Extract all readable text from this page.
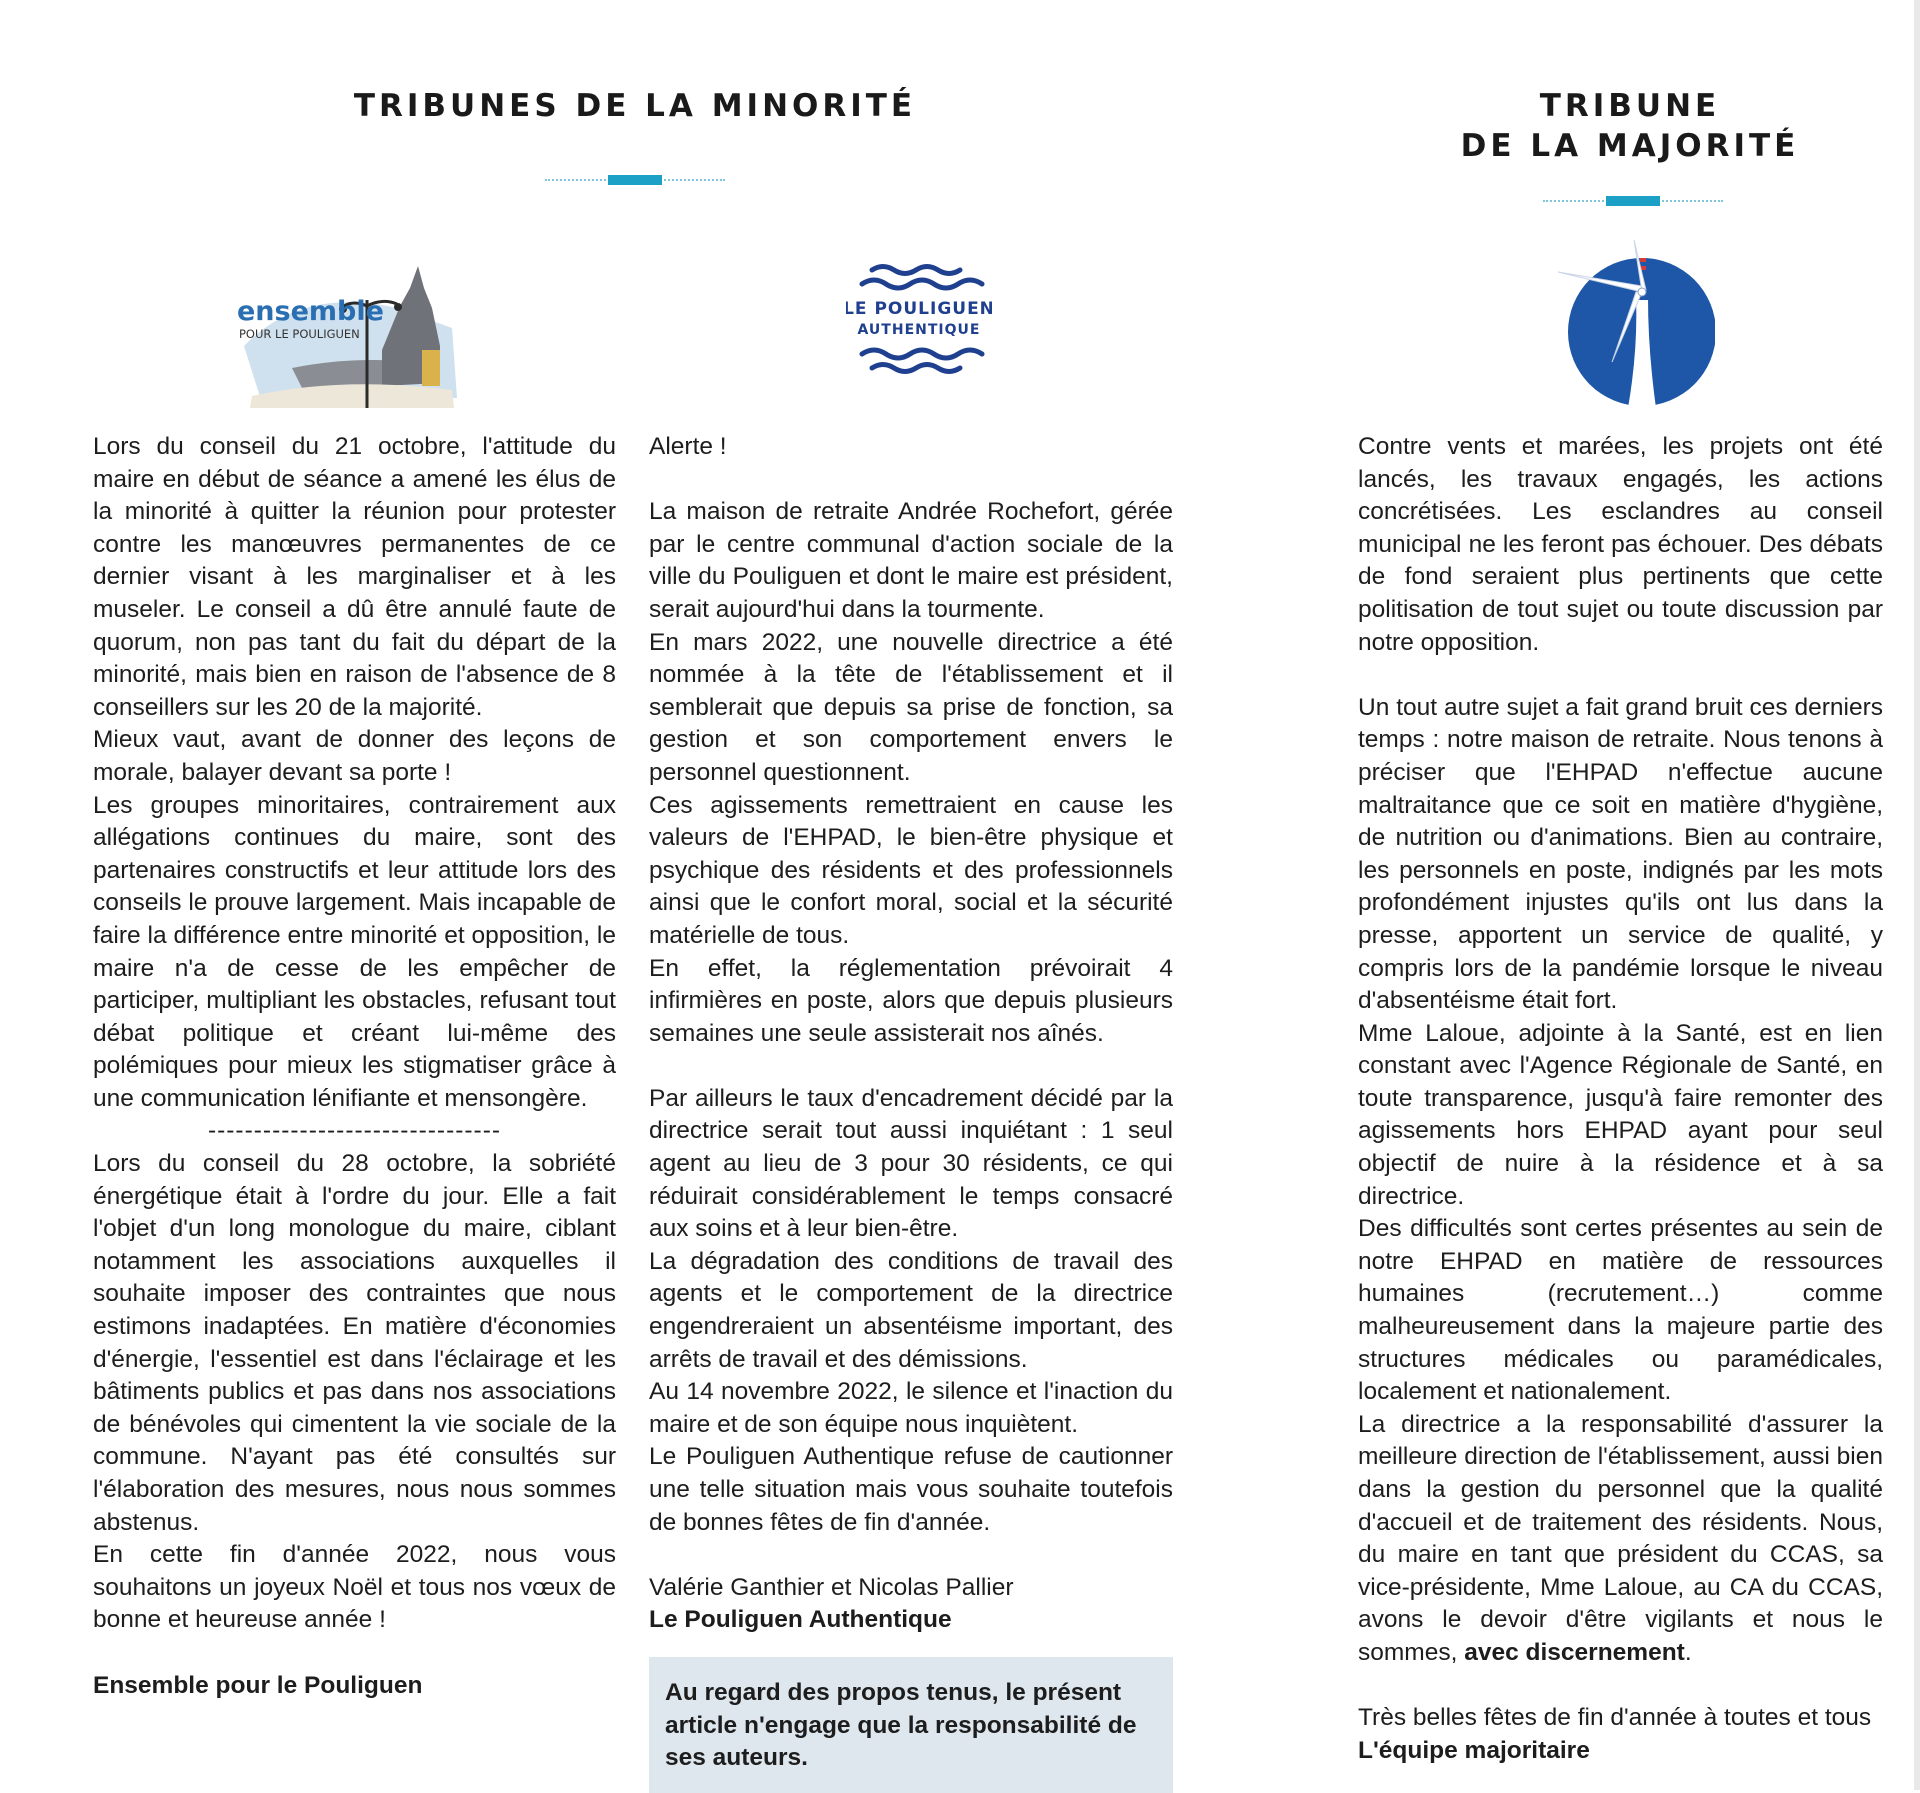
TRIBUNES DE LA MINORITÉ	TRIBUNE
DE LA MAJORITÉ
ensemble
POUR LE POULIGUEN
LE POULIGUEN
AUTHENTIQUE

Lors du conseil du 21 octobre, l'attitude du maire en début de séance a amené les élus de la minorité à quitter la réunion pour protester contre les manœuvres permanentes de ce dernier visant à les marginaliser et à les museler. Le conseil a dû être annulé faute de quorum, non pas tant du fait du départ de la minorité, mais bien en raison de l'absence de 8 conseillers sur les 20 de la majorité.

Mieux vaut, avant de donner des leçons de morale, balayer devant sa porte !

Les groupes minoritaires, contrairement aux allégations continues du maire, sont des partenaires constructifs et leur attitude lors des conseils le prouve largement. Mais incapable de faire la différence entre minorité et opposition, le maire n'a de cesse de les empêcher de participer, multipliant les obstacles, refusant tout débat politique et créant lui-même des polémiques pour mieux les stigmatiser grâce à une communication lénifiante et mensongère.

--------------------------------

Lors du conseil du 28 octobre, la sobriété énergétique était à l'ordre du jour. Elle a fait l'objet d'un long monologue du maire, ciblant notamment les associations auxquelles il souhaite imposer des contraintes que nous estimons inadaptées. En matière d'économies d'énergie, l'essentiel est dans l'éclairage et les bâtiments publics et pas dans nos associations de bénévoles qui cimentent la vie sociale de la commune. N'ayant pas été consultés sur l'élaboration des mesures, nous nous sommes abstenus.

En cette fin d'année 2022, nous vous souhaitons un joyeux Noël et tous nos vœux de bonne et heureuse année !

Ensemble pour le Pouliguen

Alerte !

La maison de retraite Andrée Rochefort, gérée par le centre communal d'action sociale de la ville du Pouliguen et dont le maire est président, serait aujourd'hui dans la tourmente.

En mars 2022, une nouvelle directrice a été nommée à la tête de l'établissement et il semblerait que depuis sa prise de fonction, sa gestion et son comportement envers le personnel questionnent.

Ces agissements remettraient en cause les valeurs de l'EHPAD, le bien-être physique et psychique des résidents et des professionnels ainsi que le confort moral, social et la sécurité matérielle de tous.

En effet, la réglementation prévoirait 4 infirmières en poste, alors que depuis plusieurs semaines une seule assisterait nos aînés.

Par ailleurs le taux d'encadrement décidé par la directrice serait tout aussi inquiétant : 1 seul agent au lieu de 3 pour 30 résidents, ce qui réduirait considérablement le temps consacré aux soins et à leur bien-être.

La dégradation des conditions de travail des agents et le comportement de la directrice engendreraient un absentéisme important, des arrêts de travail et des démissions.

Au 14 novembre 2022, le silence et l'inaction du maire et de son équipe nous inquiètent.

Le Pouliguen Authentique refuse de cautionner une telle situation mais vous souhaite toutefois de bonnes fêtes de fin d'année.

Valérie Ganthier et Nicolas Pallier

Le Pouliguen Authentique

Au regard des propos tenus, le présent article n'engage que la responsabilité de ses auteurs.

Contre vents et marées, les projets ont été lancés, les travaux engagés, les actions concrétisées. Les esclandres au conseil municipal ne les feront pas échouer. Des débats de fond seraient plus pertinents que cette politisation de tout sujet ou toute discussion par notre opposition.

Un tout autre sujet a fait grand bruit ces derniers temps : notre maison de retraite. Nous tenons à préciser que l'EHPAD n'effectue aucune maltraitance que ce soit en matière d'hygiène, de nutrition ou d'animations. Bien au contraire, les personnels en poste, indignés par les mots profondément injustes qu'ils ont lus dans la presse, apportent un service de qualité, y compris lors de la pandémie lorsque le niveau d'absentéisme était fort.

Mme Laloue, adjointe à la Santé, est en lien constant avec l'Agence Régionale de Santé, en toute transparence, jusqu'à faire remonter des agissements hors EHPAD ayant pour seul objectif de nuire à la résidence et à sa directrice.

Des difficultés sont certes présentes au sein de notre EHPAD en matière de ressources humaines (recrutement…) comme malheureusement dans la majeure partie des structures médicales ou paramédicales, localement et nationalement.

La directrice a la responsabilité d'assurer la meilleure direction de l'établissement, aussi bien dans la gestion du personnel que la qualité d'accueil et de traitement des résidents. Nous, du maire en tant que président du CCAS, sa vice-présidente, Mme Laloue, au CA du CCAS, avons le devoir d'être vigilants et nous le sommes, avec discernement.

Très belles fêtes de fin d'année à toutes et tous

L'équipe majoritaire
